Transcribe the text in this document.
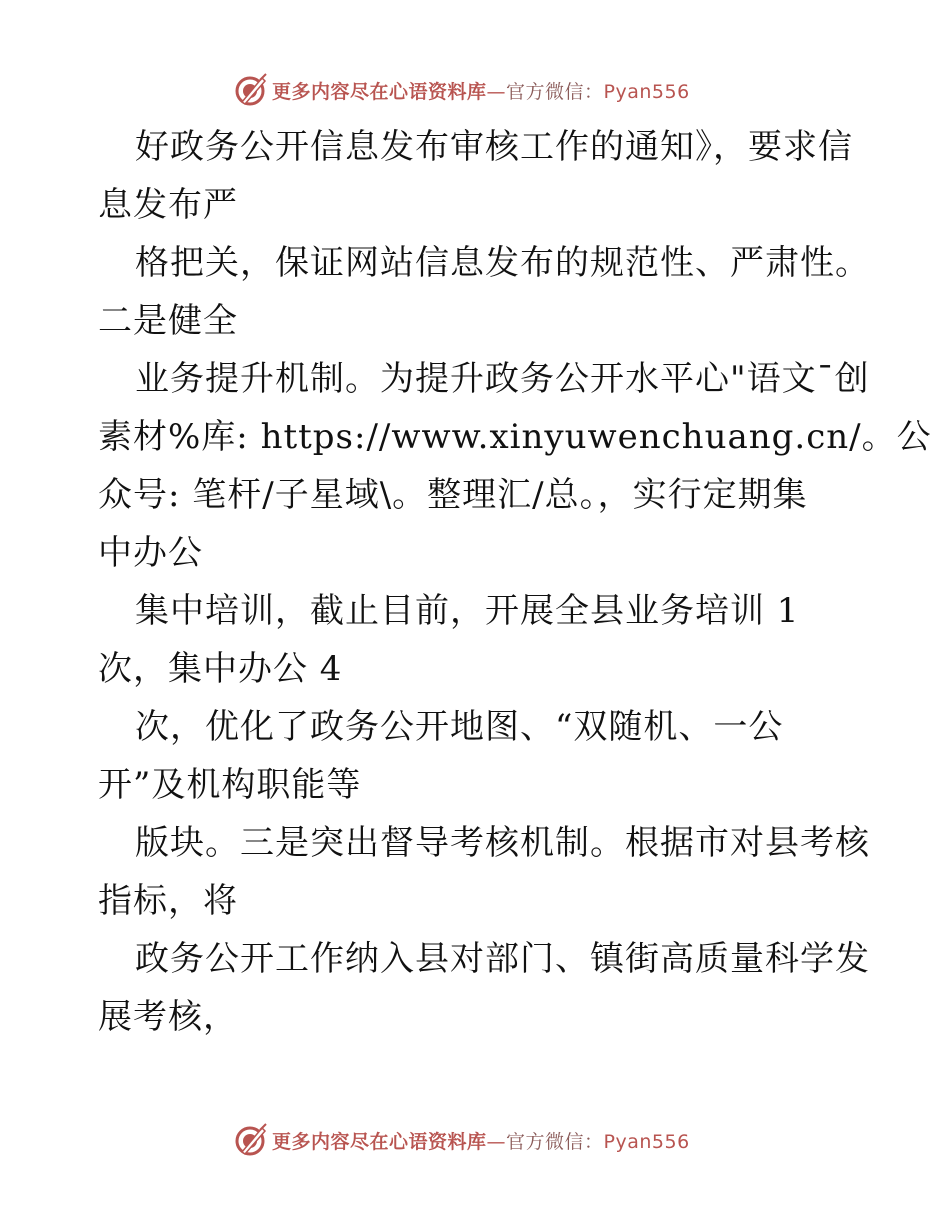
更多内容尽在心语资料库—官方微信：Pyan556
好政务公开信息发布审核工作的通知》，要求信
息发布严
格把关，保证网站信息发布的规范性、严肃性。
二是健全
业务提升机制。为提升政务公开水平心"语文¯创
素材%库: https://www.xinyuwenchuang.cn/。公
众号: 笔杆/子星域\。整理汇/总。，实行定期集
中办公
集中培训，截止目前，开展全县业务培训 1
次，集中办公 4
次，优化了政务公开地图、“双随机、一公
开”及机构职能等
版块。三是突出督导考核机制。根据市对县考核
指标，将
政务公开工作纳入县对部门、镇街高质量科学发
展考核，
更多内容尽在心语资料库—官方微信：Pyan556
